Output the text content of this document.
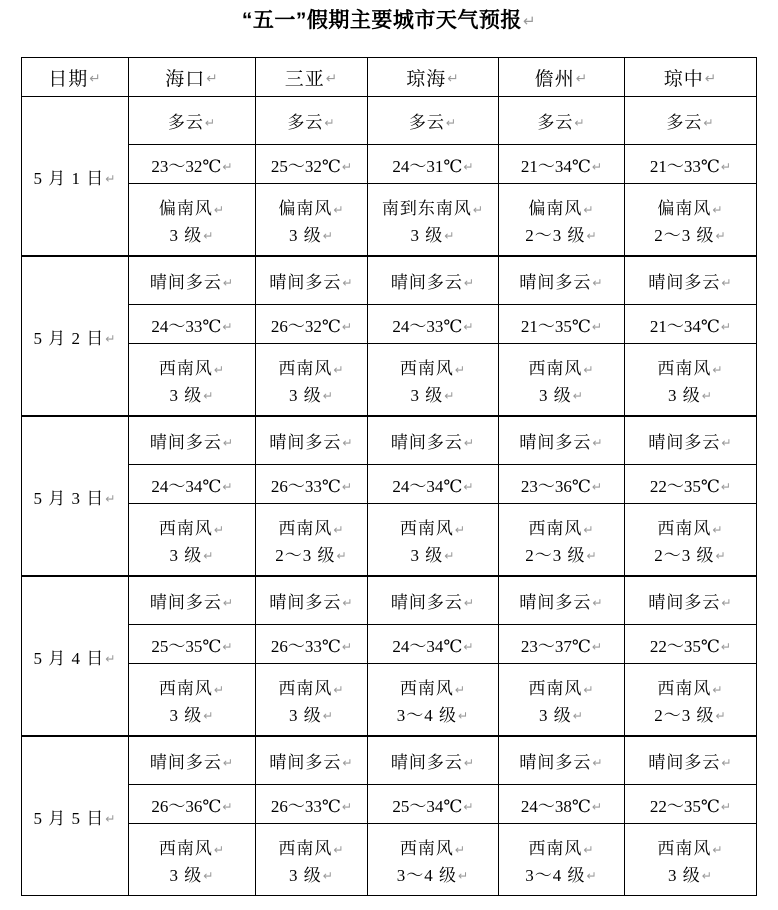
“五一”假期主要城市天气预报↵
日期↵	海口↵	三亚↵	琼海↵	儋州↵	琼中↵
5 月 1 日↵	多云↵	多云↵	多云↵	多云↵	多云↵
	23～32℃↵	25～32℃↵	24～31℃↵	21～34℃↵	21～33℃↵

	偏南风↵
3 级↵	偏南风↵
3 级↵	南到东南风↵
3 级↵	偏南风↵
2～3 级↵	偏南风↵
2～3 级↵

5 月 2 日↵	晴间多云↵	晴间多云↵	晴间多云↵	晴间多云↵	晴间多云↵
	24～33℃↵	26～32℃↵	24～33℃↵	21～35℃↵	21～34℃↵

	西南风↵
3 级↵	西南风↵
3 级↵	西南风↵
3 级↵	西南风↵
3 级↵	西南风↵
3 级↵

5 月 3 日↵	晴间多云↵	晴间多云↵	晴间多云↵	晴间多云↵	晴间多云↵
	24～34℃↵	26～33℃↵	24～34℃↵	23～36℃↵	22～35℃↵

	西南风↵
3 级↵	西南风↵
2～3 级↵	西南风↵
3 级↵	西南风↵
2～3 级↵	西南风↵
2～3 级↵

5 月 4 日↵	晴间多云↵	晴间多云↵	晴间多云↵	晴间多云↵	晴间多云↵
	25～35℃↵	26～33℃↵	24～34℃↵	23～37℃↵	22～35℃↵

	西南风↵
3 级↵	西南风↵
3 级↵	西南风↵
3～4 级↵	西南风↵
3 级↵	西南风↵
2～3 级↵

5 月 5 日↵	晴间多云↵	晴间多云↵	晴间多云↵	晴间多云↵	晴间多云↵
	26～36℃↵	26～33℃↵	25～34℃↵	24～38℃↵	22～35℃↵

	西南风↵
3 级↵	西南风↵
3 级↵	西南风↵
3～4 级↵	西南风↵
3～4 级↵	西南风↵
3 级↵
